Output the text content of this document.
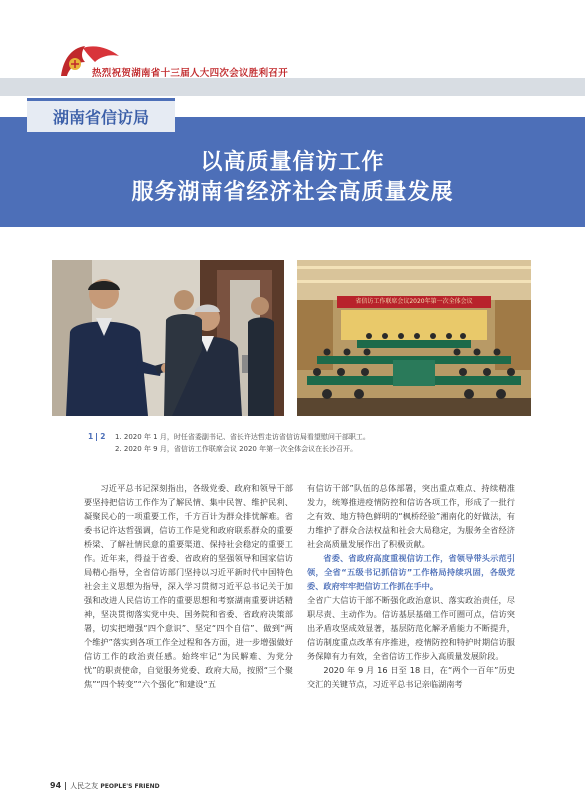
热烈祝贺湖南省十三届人大四次会议胜利召开
湖南省信访局
以高质量信访工作
服务湖南省经济社会高质量发展
省信访工作联席会议2020年第一次全体会议
1 2 1. 2020 年 1 月，时任省委副书记、省长许达哲走访省信访局看望慰问干部职工。
2. 2020 年 9 月，省信访工作联席会议 2020 年第一次全体会议在长沙召开。

习近平总书记深刻指出，各级党委、政府和领导干部要坚持把信访工作作为了解民情、集中民智、维护民利、凝聚民心的一项重要工作，千方百计为群众排忧解难。省委书记许达哲强调，信访工作是党和政府联系群众的重要桥梁、了解社情民意的重要渠道、保持社会稳定的重要工作。近年来，得益于省委、省政府的坚强领导和国家信访局精心指导，全省信访部门坚持以习近平新时代中国特色社会主义思想为指导，深入学习贯彻习近平总书记关于加强和改进人民信访工作的重要思想和考察湖南重要讲话精神，坚决贯彻落实党中央、国务院和省委、省政府决策部署，切实把增强“四个意识”、坚定“四个自信”、做到“两个维护”落实到各项工作全过程和各方面，进一步增强做好信访工作的政治责任感。始终牢记“为民解难、为党分忧”的职责使命，自觉服务党委、政府大局，按照“三个聚焦”“四个转变”“六个强化”和建设“五

有信访干部”队伍的总体部署，突出重点难点、持续精准发力，统筹推进疫情防控和信访各项工作，形成了一批行之有效、地方特色鲜明的“枫桥经验”湘南化的好做法，有力维护了群众合法权益和社会大局稳定，为服务全省经济社会高质量发展作出了积极贡献。

省委、省政府高度重视信访工作，省领导带头示范引领，全省“五级书记抓信访”工作格局持续巩固，各级党委、政府牢牢把信访工作抓在手中。

全省广大信访干部不断强化政治意识、落实政治责任，尽职尽责、主动作为。信访基层基础工作可圈可点，信访突出矛盾攻坚成效显著，基层防范化解矛盾能力不断提升，信访制度重点改革有序推进，疫情防控和特护时期信访服务保障有力有效，全省信访工作步入高质量发展阶段。

2020 年 9 月 16 日至 18 日，在“两个一百年”历史交汇的关键节点，习近平总书记亲临湖南考

94 人民之友 PEOPLE'S FRIEND
